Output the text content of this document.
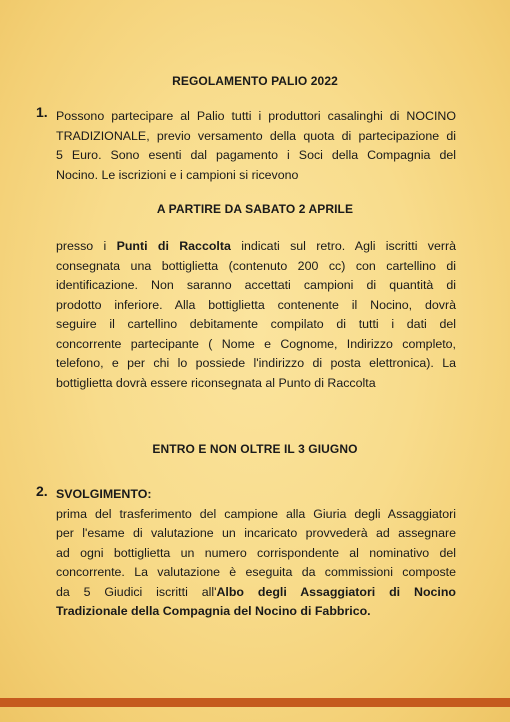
REGOLAMENTO PALIO 2022
1. Possono partecipare al Palio tutti i produttori casalinghi di NOCINO
TRADIZIONALE, previo versamento della quota di partecipazione di
5 Euro. Sono esenti dal pagamento i Soci della Compagnia del
Nocino. Le iscrizioni e i campioni si ricevono
A PARTIRE DA SABATO 2 APRILE
presso i Punti di Raccolta indicati sul retro. Agli iscritti verrà
consegnata una bottiglietta (contenuto 200 cc) con cartellino di
identificazione. Non saranno accettati campioni di quantità di
prodotto inferiore. Alla bottiglietta contenente il Nocino, dovrà
seguire il cartellino debitamente compilato di tutti i dati del
concorrente partecipante ( Nome e Cognome, Indirizzo completo,
telefono, e per chi lo possiede l'indirizzo di posta elettronica). La
bottiglietta dovrà essere riconsegnata al Punto di Raccolta
ENTRO E NON OLTRE IL 3 GIUGNO
2. SVOLGIMENTO:
prima del trasferimento del campione alla Giuria degli Assaggiatori
per l'esame di valutazione un incaricato provvederà ad assegnare
ad ogni bottiglietta un numero corrispondente al nominativo del
concorrente. La valutazione è eseguita da commissioni composte
da 5 Giudici iscritti all'Albo degli Assaggiatori di Nocino
Tradizionale della Compagnia del Nocino di Fabbrico.
